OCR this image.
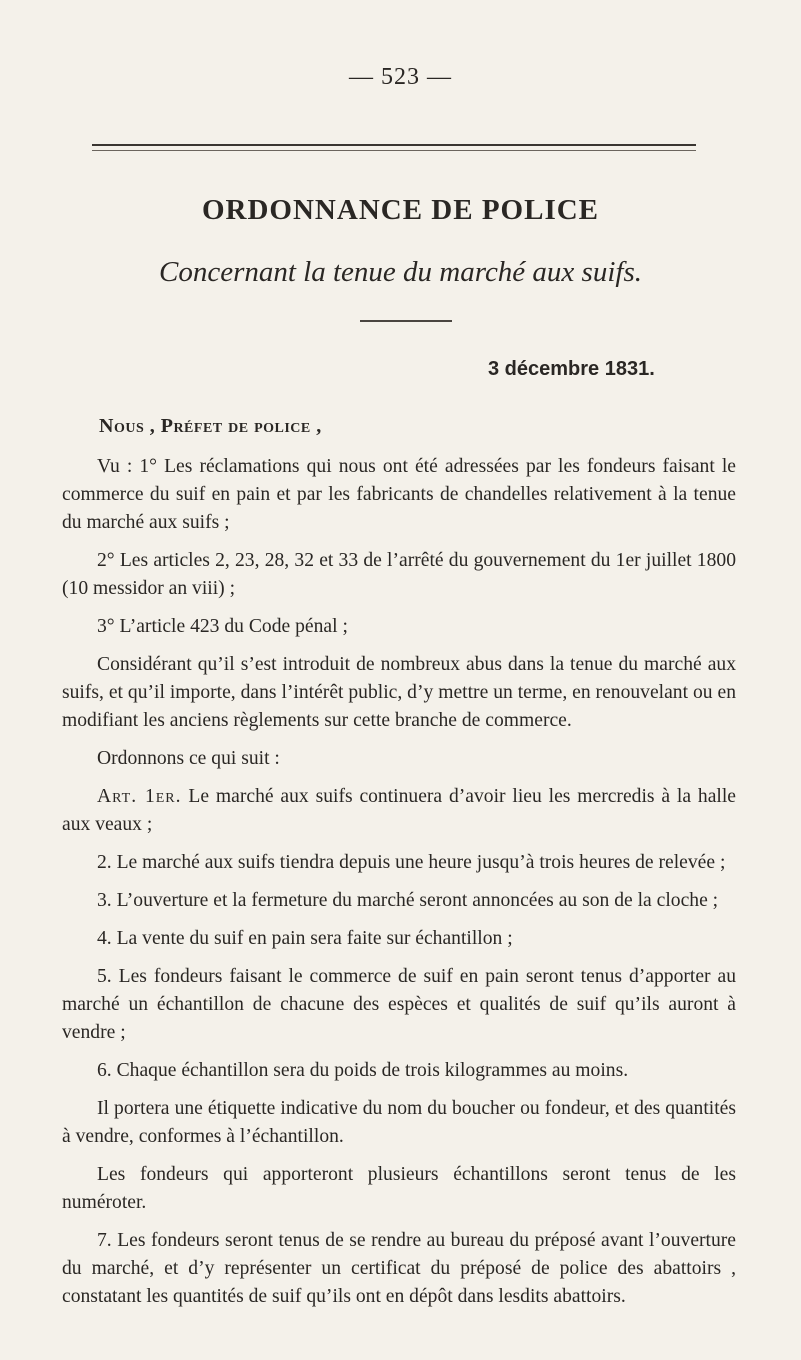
— 523 —
ORDONNANCE DE POLICE
Concernant la tenue du marché aux suifs.
3 décembre 1831.
Nous , Préfet de police ,

Vu : 1° Les réclamations qui nous ont été adressées par les fondeurs faisant le commerce du suif en pain et par les fabricants de chandelles relativement à la tenue du marché aux suifs ;

2° Les articles 2, 23, 28, 32 et 33 de l’arrêté du gouvernement du 1er juillet 1800 (10 messidor an viii) ;

3° L’article 423 du Code pénal ;

Considérant qu’il s’est introduit de nombreux abus dans la tenue du marché aux suifs, et qu’il importe, dans l’intérêt public, d’y mettre un terme, en renouvelant ou en modifiant les anciens règlements sur cette branche de commerce.

Ordonnons ce qui suit :

Art. 1er. Le marché aux suifs continuera d’avoir lieu les mercredis à la halle aux veaux ;

2. Le marché aux suifs tiendra depuis une heure jusqu’à trois heures de relevée ;

3. L’ouverture et la fermeture du marché seront annoncées au son de la cloche ;

4. La vente du suif en pain sera faite sur échantillon ;

5. Les fondeurs faisant le commerce de suif en pain seront tenus d’apporter au marché un échantillon de chacune des espèces et qualités de suif qu’ils auront à vendre ;

6. Chaque échantillon sera du poids de trois kilogrammes au moins.

Il portera une étiquette indicative du nom du boucher ou fondeur, et des quantités à vendre, conformes à l’échantillon.

Les fondeurs qui apporteront plusieurs échantillons seront tenus de les numéroter.

7. Les fondeurs seront tenus de se rendre au bureau du préposé avant l’ouverture du marché, et d’y représenter un certificat du préposé de police des abattoirs , constatant les quantités de suif qu’ils ont en dépôt dans lesdits abattoirs.
